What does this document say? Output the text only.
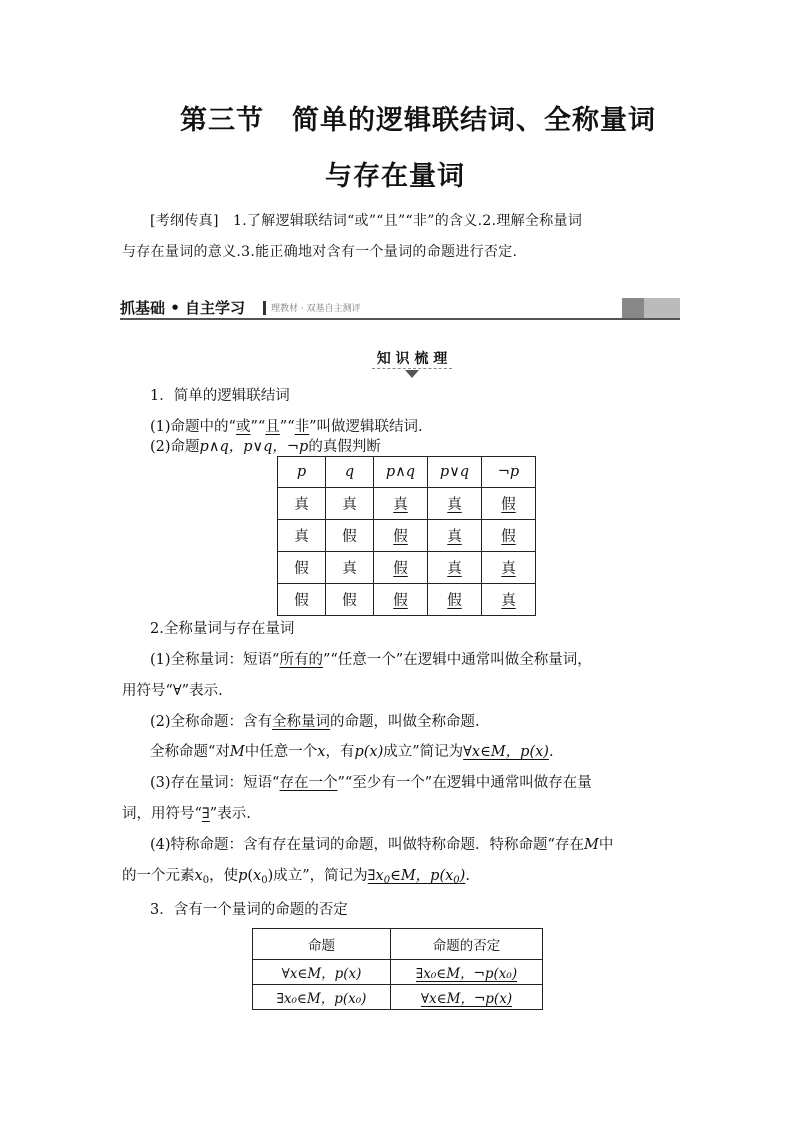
第三节　简单的逻辑联结词、全称量词
与存在量词
[考纲传真]　1.了解逻辑联结词“或”“且”“非”的含义.2.理解全称量词
与存在量词的意义.3.能正确地对含有一个量词的命题进行否定.
抓基础 • 自主学习	理教材 · 双基自主测评
知 识 梳 理
1．简单的逻辑联结词
(1)命题中的“或”“且”“非”叫做逻辑联结词.
(2)命题p∧q，p∨q，¬p的真假判断
p	q	p∧q	p∨q	¬p
真	真	真	真	假
真	假	假	真	假
假	真	假	真	真
假	假	假	假	真
2.全称量词与存在量词
(1)全称量词：短语“所有的”“任意一个”在逻辑中通常叫做全称量词，
用符号“∀”表示.
(2)全称命题：含有全称量词的命题，叫做全称命题.
全称命题“对M中任意一个x，有p(x)成立”简记为∀x∈M，p(x).
(3)存在量词：短语“存在一个”“至少有一个”在逻辑中通常叫做存在量
词，用符号“∃”表示.
(4)特称命题：含有存在量词的命题，叫做特称命题．特称命题“存在M中
的一个元素$x_0$，使$p(x_0)$成立”，简记为$\exists x_0\in M$，$p(x_0)$.
3．含有一个量词的命题的否定
命题	命题的否定
∀x∈M，p(x)	∃x₀∈M，¬p(x₀)
∃x₀∈M，p(x₀)	∀x∈M，¬p(x)
